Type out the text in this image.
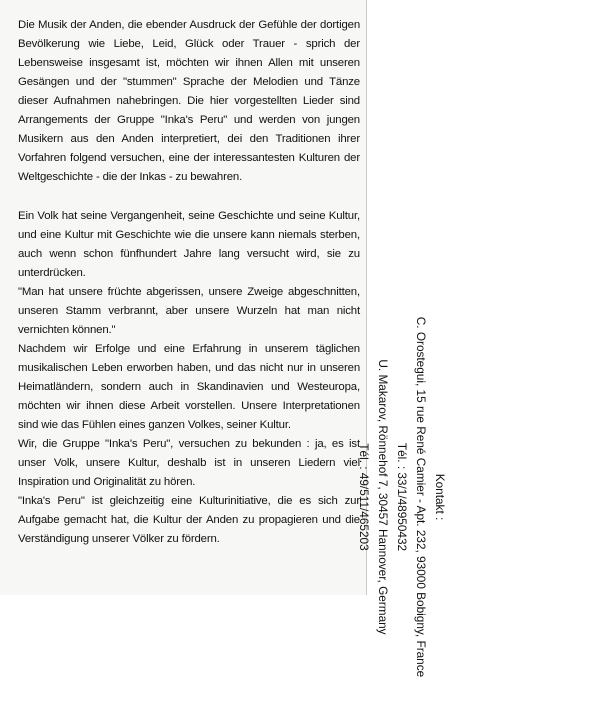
Die Musik der Anden, die ebender Ausdruck der Gefühle der dortigen Bevölkerung wie Liebe, Leid, Glück oder Trauer - sprich der Lebensweise insgesamt ist, möchten wir ihnen Allen mit unseren Gesängen und der "stummen" Sprache der Melodien und Tänze dieser Aufnahmen nahebringen. Die hier vorgestellten Lieder sind Arrangements der Gruppe "Inka's Peru" und werden von jungen Musikern aus den Anden interpretiert, dei den Traditionen ihrer Vorfahren folgend versuchen, eine der interessantesten Kulturen der Weltgeschichte - die der Inkas - zu bewahren.

Ein Volk hat seine Vergangenheit, seine Geschichte und seine Kultur, und eine Kultur mit Geschichte wie die unsere kann niemals sterben, auch wenn schon fünfhundert Jahre lang versucht wird, sie zu unterdrücken.

"Man hat unsere früchte abgerissen, unsere Zweige abgeschnitten, unseren Stamm verbrannt, aber unsere Wurzeln hat man nicht vernichten können."

Nachdem wir Erfolge und eine Erfahrung in unserem täglichen musikalischen Leben erworben haben, und das nicht nur in unseren Heimatländern, sondern auch in Skandinavien und Westeuropa, möchten wir ihnen diese Arbeit vorstellen. Unsere Interpretationen sind wie das Fühlen eines ganzen Volkes, seiner Kultur.

Wir, die Gruppe "Inka's Peru", versuchen zu bekunden : ja, es ist unser Volk, unsere Kultur, deshalb ist in unseren Liedern viel Inspiration und Originalität zu hören.

"Inka's Peru" ist gleichzeitig eine Kulturinitiative, die es sich zur Aufgabe gemacht hat, die Kultur der Anden zu propagieren und die Verständigung unserer Völker zu fördern.

Kontakt :
C. Orostegui, 15 rue René Camier - Apt. 232, 93000 Bobigny, France
Tél. : 33/1/48950432
U. Makarov, Rönnehof 7, 30457 Hannover, Germany
Tél. : 49/511/465203
